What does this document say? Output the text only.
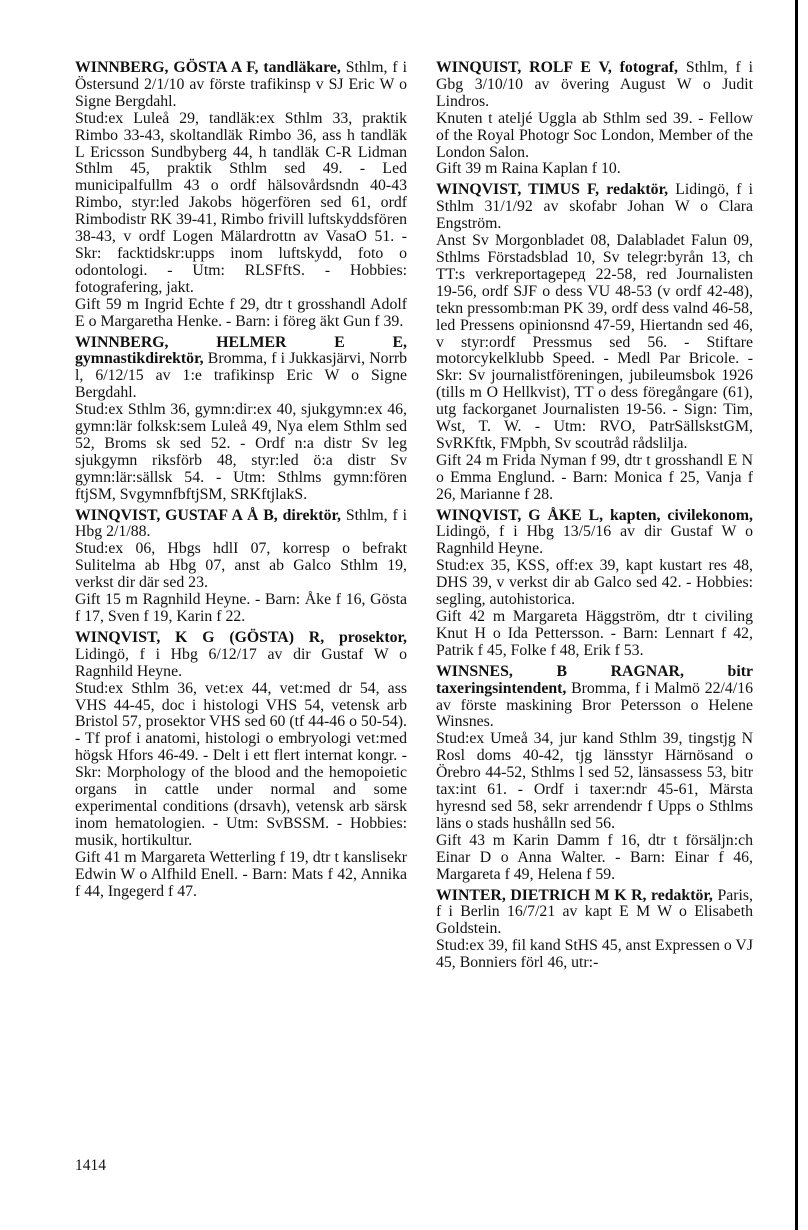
WINNBERG, GÖSTA A F, tandläkare, Sthlm, f i Östersund 2/1/10 av förste trafikinsp v SJ Eric W o Signe Bergdahl.

Stud:ex Luleå 29, tandläk:ex Sthlm 33, praktik Rimbo 33-43, skoltandläk Rimbo 36, ass h tandläk L Ericsson Sundbyberg 44, h tandläk C-R Lidman Sthlm 45, praktik Sthlm sed 49. - Led municipalfullm 43 o ordf hälsovårdsndn 40-43 Rimbo, styr:led Jakobs högerfören sed 61, ordf Rimbodistr RK 39-41, Rimbo frivill luftskyddsfören 38-43, v ordf Logen Mälardrottn av VasaO 51. - Skr: facktidskr:upps inom luftskydd, foto o odontologi. - Utm: RLSFftS. - Hobbies: fotografering, jakt.

Gift 59 m Ingrid Echte f 29, dtr t grosshandl Adolf E o Margaretha Henke. - Barn: i föreg äkt Gun f 39.

WINNBERG, HELMER E E, gymnastikdirektör, Bromma, f i Jukkasjärvi, Norrb l, 6/12/15 av 1:e trafikinsp Eric W o Signe Bergdahl.

Stud:ex Sthlm 36, gymn:dir:ex 40, sjukgymn:ex 46, gymn:lär folksk:sem Luleå 49, Nya elem Sthlm sed 52, Broms sk sed 52. - Ordf n:a distr Sv leg sjukgymn riksförb 48, styr:led ö:a distr Sv gymn:lär:sällsk 54. - Utm: Sthlms gymn:fören ftjSM, SvgymnfbftjSM, SRKftjlakS.

WINQVIST, GUSTAF A Å B, direktör, Sthlm, f i Hbg 2/1/88.

Stud:ex 06, Hbgs hdlI 07, korresp o befrakt Sulitelma ab Hbg 07, anst ab Galco Sthlm 19, verkst dir där sed 23.

Gift 15 m Ragnhild Heyne. - Barn: Åke f 16, Gösta f 17, Sven f 19, Karin f 22.

WINQVIST, K G (GÖSTA) R, prosektor, Lidingö, f i Hbg 6/12/17 av dir Gustaf W o Ragnhild Heyne.

Stud:ex Sthlm 36, vet:ex 44, vet:med dr 54, ass VHS 44-45, doc i histologi VHS 54, vetensk arb Bristol 57, prosektor VHS sed 60 (tf 44-46 o 50-54). - Tf prof i anatomi, histologi o embryologi vet:med högsk Hfors 46-49. - Delt i ett flert internat kongr. - Skr: Morphology of the blood and the hemopoietic organs in cattle under normal and some experimental conditions (drsavh), vetensk arb särsk inom hematologien. - Utm: SvBSSM. - Hobbies: musik, hortikultur.

Gift 41 m Margareta Wetterling f 19, dtr t kanslisekr Edwin W o Alfhild Enell. - Barn: Mats f 42, Annika f 44, Ingegerd f 47.

WINQUIST, ROLF E V, fotograf, Sthlm, f i Gbg 3/10/10 av övering August W o Judit Lindros.

Knuten t ateljé Uggla ab Sthlm sed 39. - Fellow of the Royal Photogr Soc London, Member of the London Salon.

Gift 39 m Raina Kaplan f 10.

WINQVIST, TIMUS F, redaktör, Lidingö, f i Sthlm 31/1/92 av skofabr Johan W o Clara Engström.

Anst Sv Morgonbladet 08, Dalabladet Falun 09, Sthlms Förstadsblad 10, Sv telegr:byrån 13, ch TT:s verkreportageред 22-58, red Journalisten 19-56, ordf SJF o dess VU 48-53 (v ordf 42-48), tekn pressomb:man PK 39, ordf dess valnd 46-58, led Pressens opinionsnd 47-59, Hiertandn sed 46, v styr:ordf Pressmus sed 56. - Stiftare motorcykelklubb Speed. - Medl Par Bricole. - Skr: Sv journalistföreningen, jubileumsbok 1926 (tills m O Hellkvist), TT o dess föregångare (61), utg fackorganet Journalisten 19-56. - Sign: Tim, Wst, T. W. - Utm: RVO, PatrSällskstGM, SvRKftk, FMpbh, Sv scoutråd rådslilja.

Gift 24 m Frida Nyman f 99, dtr t grosshandl E N o Emma Englund. - Barn: Monica f 25, Vanja f 26, Marianne f 28.

WINQVIST, G ÅKE L, kapten, civilekonom, Lidingö, f i Hbg 13/5/16 av dir Gustaf W o Ragnhild Heyne.

Stud:ex 35, KSS, off:ex 39, kapt kustart res 48, DHS 39, v verkst dir ab Galco sed 42. - Hobbies: segling, autohistorica.

Gift 42 m Margareta Häggström, dtr t civiling Knut H o Ida Pettersson. - Barn: Lennart f 42, Patrik f 45, Folke f 48, Erik f 53.

WINSNES, B RAGNAR, bitr taxeringsintendent, Bromma, f i Malmö 22/4/16 av förste maskining Bror Petersson o Helene Winsnes.

Stud:ex Umeå 34, jur kand Sthlm 39, tingstjg N Rosl doms 40-42, tjg länsstyr Härnösand o Örebro 44-52, Sthlms l sed 52, länsassess 53, bitr tax:int 61. - Ordf i taxer:ndr 45-61, Märsta hyresnd sed 58, sekr arrendendr f Upps o Sthlms läns o stads hushålln sed 56.

Gift 43 m Karin Damm f 16, dtr t försäljn:ch Einar D o Anna Walter. - Barn: Einar f 46, Margareta f 49, Helena f 59.

WINTER, DIETRICH M K R, redaktör, Paris, f i Berlin 16/7/21 av kapt E M W o Elisabeth Goldstein.

Stud:ex 39, fil kand StHS 45, anst Expressen o VJ 45, Bonniers förl 46, utr:-

1414
